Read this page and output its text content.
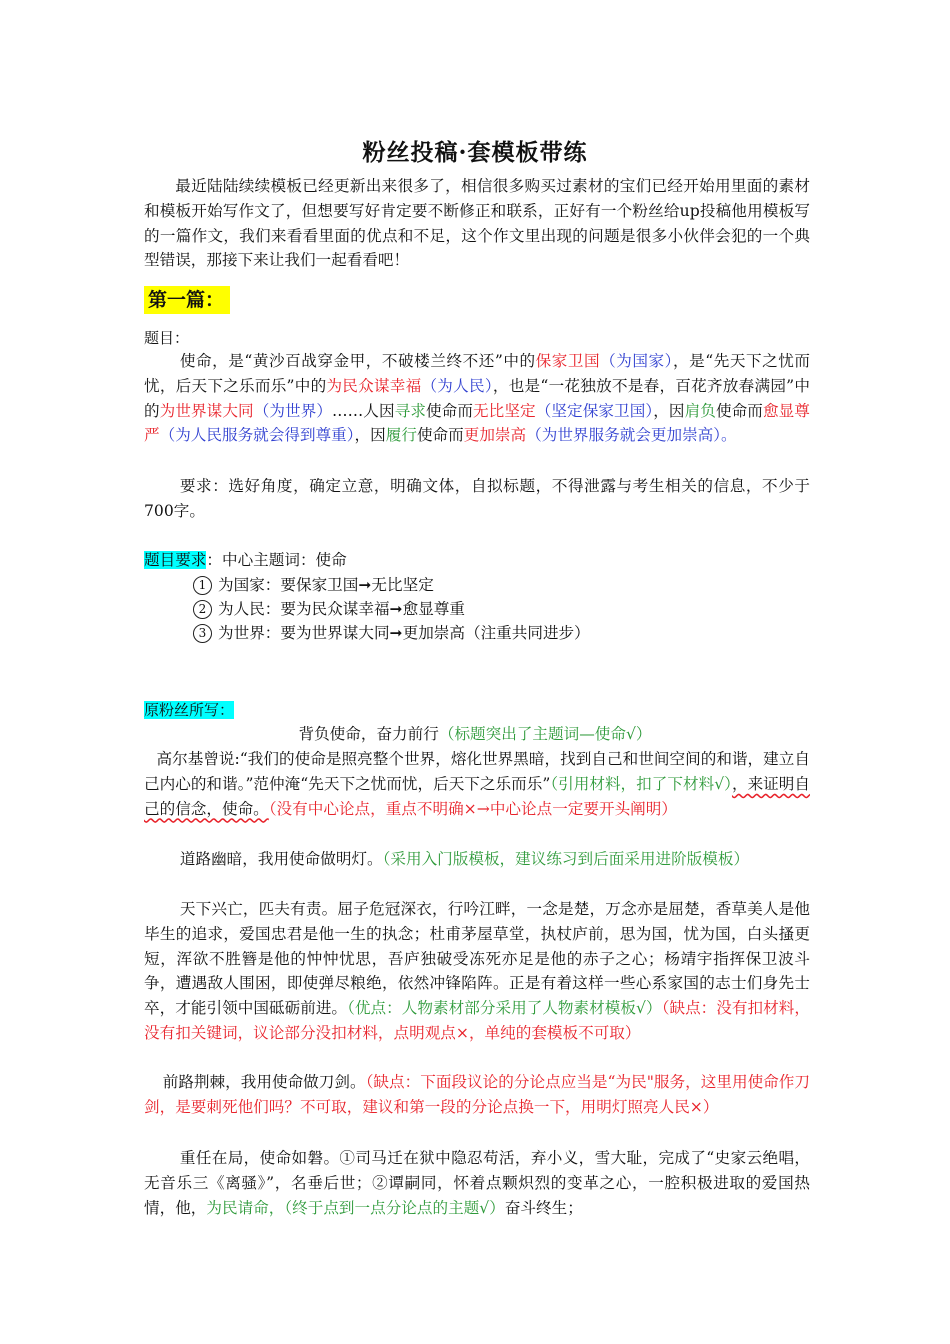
粉丝投稿·套模板带练

最近陆陆续续模板已经更新出来很多了，相信很多购买过素材的宝们已经开始用里面的素材和模板开始写作文了，但想要写好肯定要不断修正和联系，正好有一个粉丝给up投稿他用模板写的一篇作文，我们来看看里面的优点和不足，这个作文里出现的问题是很多小伙伴会犯的一个典型错误，那接下来让我们一起看看吧！

第一篇：
题目：

使命，是“黄沙百战穿金甲，不破楼兰终不还”中的保家卫国（为国家），是“先天下之忧而忧，后天下之乐而乐”中的为民众谋幸福（为人民），也是“一花独放不是春，百花齐放春满园”中的为世界谋大同（为世界）……人因寻求使命而无比坚定（坚定保家卫国），因肩负使命而愈显尊严（为人民服务就会得到尊重），因履行使命而更加崇高（为世界服务就会更加崇高）。

要求：选好角度，确定立意，明确文体，自拟标题，不得泄露与考生相关的信息，不少于700字。

题目要求：中心主题词：使命
1 为国家：要保家卫国➞无比坚定
2 为人民：要为民众谋幸福➞愈显尊重
3 为世界：要为世界谋大同➞更加崇高（注重共同进步）
原粉丝所写：
背负使命，奋力前行（标题突出了主题词—使命√）

高尔基曾说:“我们的使命是照亮整个世界，熔化世界黑暗，找到自己和世间空间的和谐，建立自己内心的和谐。”范仲淹“先天下之忧而忧，后天下之乐而乐”（引用材料，扣了下材料√），来证明自己的信念，使命。（没有中心论点，重点不明确×→中心论点一定要开头阐明）

道路幽暗，我用使命做明灯。（采用入门版模板，建议练习到后面采用进阶版模板）

天下兴亡，匹夫有责。屈子危冠深衣，行吟江畔，一念是楚，万念亦是屈楚，香草美人是他毕生的追求，爱国忠君是他一生的执念；杜甫茅屋草堂，执杖庐前，思为国，忧为国，白头搔更短，浑欲不胜簪是他的忡忡忧思，吾庐独破受冻死亦足是他的赤子之心；杨靖宇指挥保卫波斗争，遭遇敌人围困，即使弹尽粮绝，依然冲锋陷阵。正是有着这样一些心系家国的志士们身先士卒，才能引领中国砥砺前进。（优点：人物素材部分采用了人物素材模板√）（缺点：没有扣材料，没有扣关键词，议论部分没扣材料，点明观点×，单纯的套模板不可取）

前路荆棘，我用使命做刀剑。（缺点：下面段议论的分论点应当是“为民"服务，这里用使命作刀剑，是要刺死他们吗？不可取，建议和第一段的分论点换一下，用明灯照亮人民×）

重任在局，使命如磐。①司马迁在狱中隐忍苟活，弃小义，雪大耻，完成了“史家云绝唱，无音乐三《离骚》”，名垂后世；②谭嗣同，怀着点颗炽烈的变革之心，一腔积极进取的爱国热情，他，为民请命，（终于点到一点分论点的主题√）奋斗终生；
